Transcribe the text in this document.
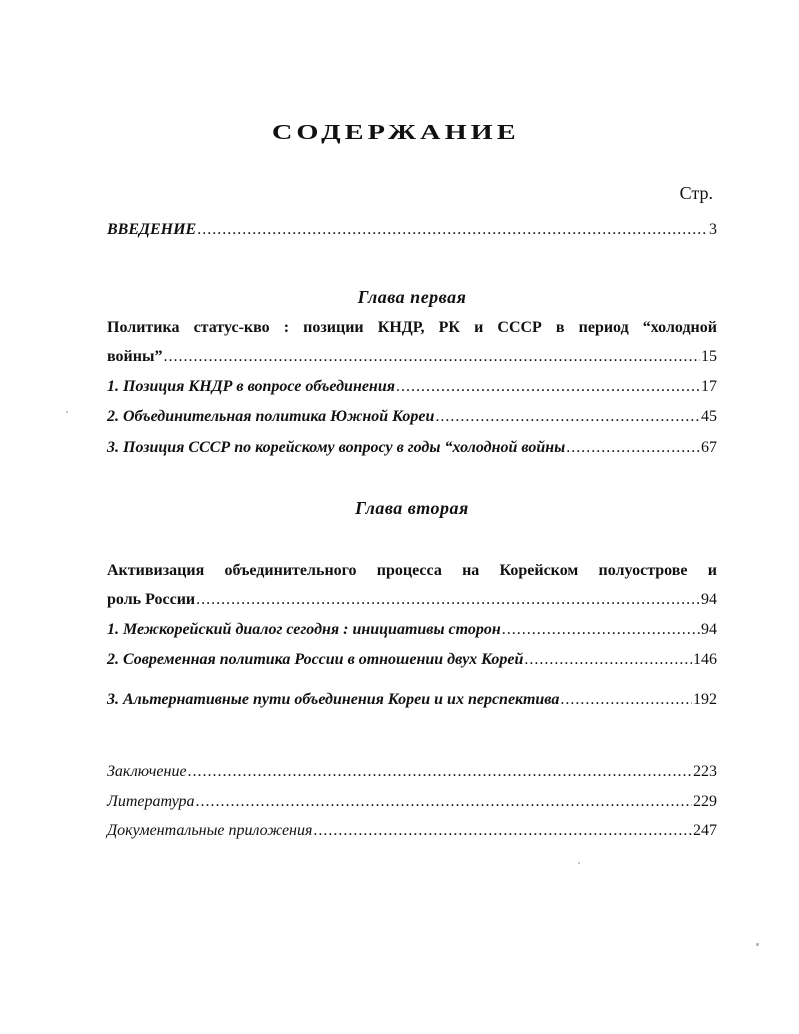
СОДЕРЖАНИЕ
Стр.
ВВЕДЕНИЕ .....	3
Глава первая
Политика статус-кво : позиции КНДР, РК и СССР в период “холодной
войны” .....	15
1. Позиция КНДР в вопросе объединения .....	17
2. Объединительная политика Южной Кореи .....	45
3. Позиция СССР по корейскому вопросу в годы “холодной войны .....	67
Глава вторая
Активизация объединительного процесса на Корейском полуострове и
роль России .....	94
1. Межкорейский диалог сегодня : инициативы сторон .....	94
2. Современная политика России в отношении двух Корей .....	146
3. Альтернативные пути объединения Кореи и их перспектива .....	192
Заключение .....	223
Литература .....	229
Документальные приложения .....	247
